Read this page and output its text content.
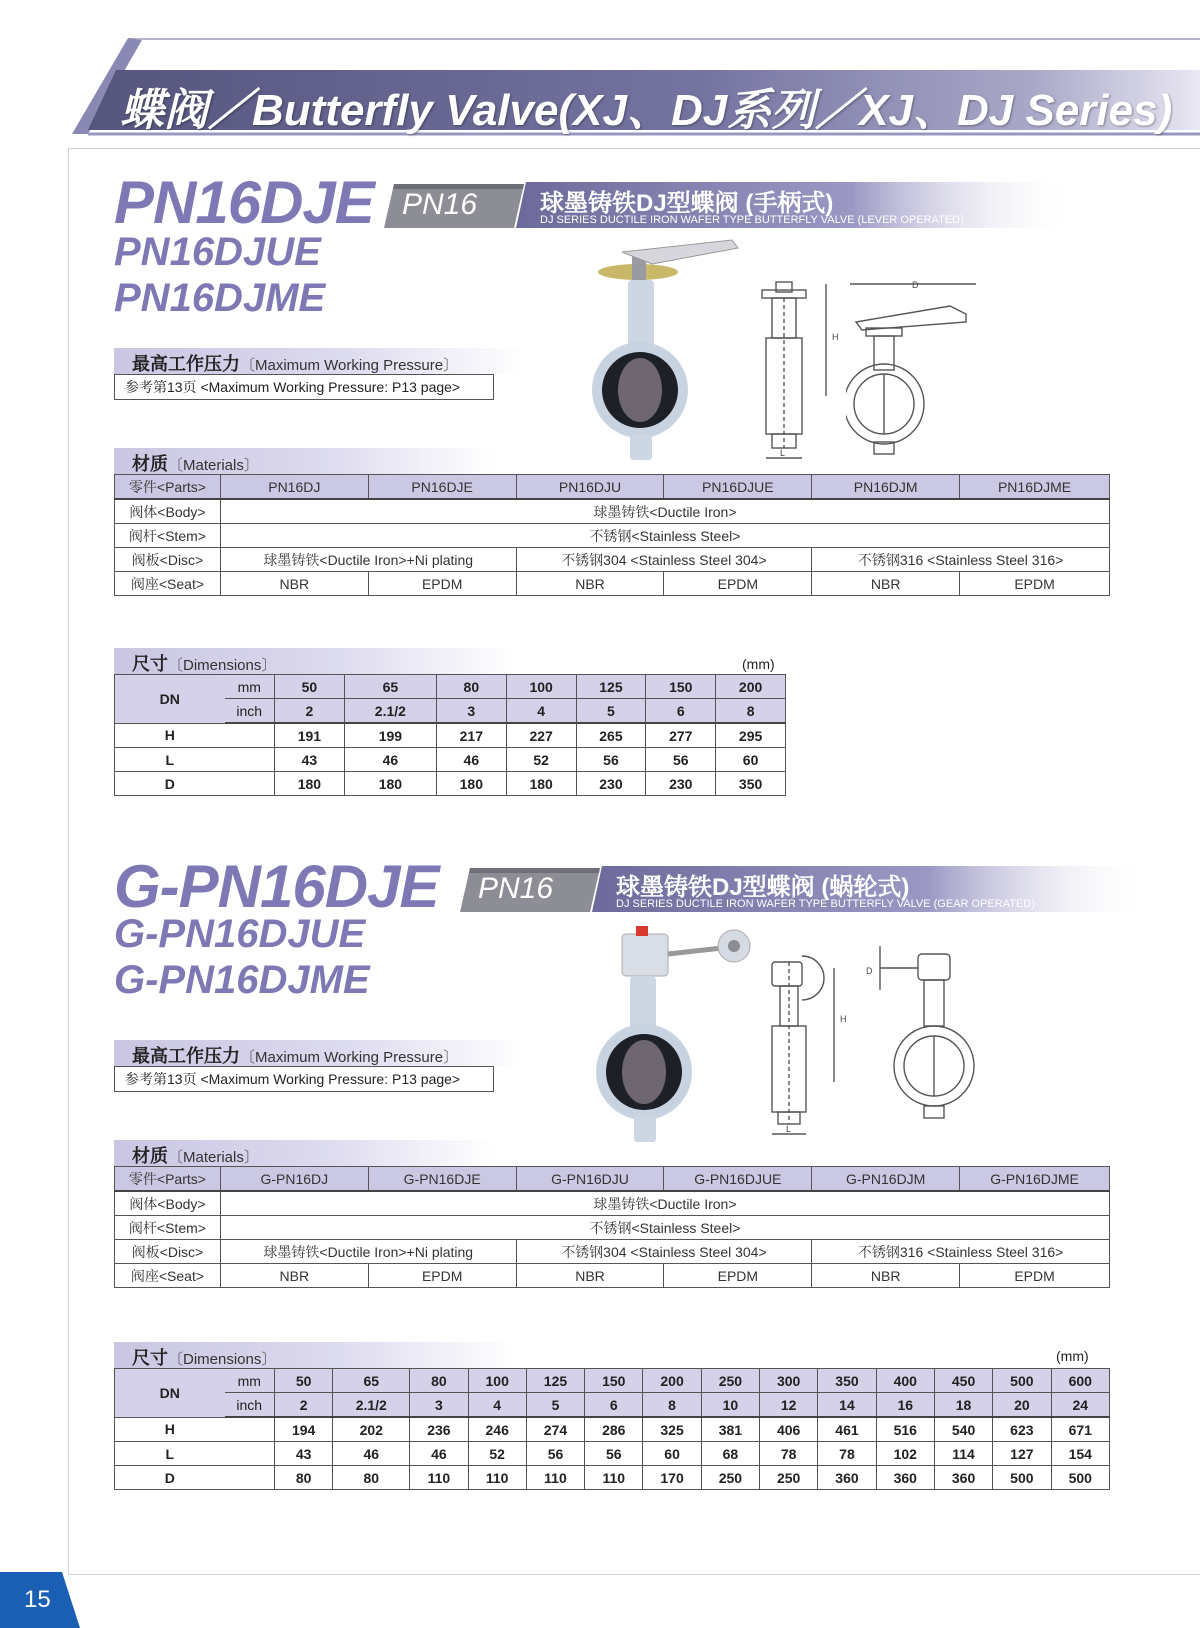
蝶阀／Butterfly Valve(XJ、DJ系列／XJ、DJ Series)
PN16DJE
PN16DJUE
PN16DJME
PN16	球墨铸铁DJ型蝶阀 (手柄式)
DJ SERIES DUCTILE IRON WAFER TYPE BUTTERFLY VALVE (LEVER OPERATED)
最高工作压力〔Maximum Working Pressure〕
参考第13页 <Maximum Working Pressure: P13 page>
H
L
D
材质〔Materials〕
零件<Parts>	PN16DJ	PN16DJE	PN16DJU	PN16DJUE	PN16DJM	PN16DJME
阀体<Body>	球墨铸铁<Ductile Iron>					
阀杆<Stem>	不锈钢<Stainless Steel>					
阀板<Disc>	球墨铸铁<Ductile Iron>+Ni plating		不锈钢304 <Stainless Steel 304>		不锈钢316 <Stainless Steel 316>	
阀座<Seat>	NBR	EPDM	NBR	EPDM	NBR	EPDM
尺寸〔Dimensions〕	(mm)
DN	mm	50	65	80	100	125	150	200
	inch	2	2.1/2	3	4	5	6	8
H		191	199	217	227	265	277	295
L		43	46	46	52	56	56	60
D		180	180	180	180	230	230	350
G-PN16DJE
G-PN16DJUE
G-PN16DJME
PN16	球墨铸铁DJ型蝶阀 (蜗轮式)
DJ SERIES DUCTILE IRON WAFER TYPE BUTTERFLY VALVE (GEAR OPERATED)
最高工作压力〔Maximum Working Pressure〕
参考第13页 <Maximum Working Pressure: P13 page>
H
L
D
材质〔Materials〕
零件<Parts>	G-PN16DJ	G-PN16DJE	G-PN16DJU	G-PN16DJUE	G-PN16DJM	G-PN16DJME
阀体<Body>	球墨铸铁<Ductile Iron>					
阀杆<Stem>	不锈钢<Stainless Steel>					
阀板<Disc>	球墨铸铁<Ductile Iron>+Ni plating		不锈钢304 <Stainless Steel 304>		不锈钢316 <Stainless Steel 316>	
阀座<Seat>	NBR	EPDM	NBR	EPDM	NBR	EPDM
尺寸〔Dimensions〕	(mm)
DN	mm	50	65	80	100	125	150	200	250	300	350	400	450	500	600
	inch	2	2.1/2	3	4	5	6	8	10	12	14	16	18	20	24
H		194	202	236	246	274	286	325	381	406	461	516	540	623	671
L		43	46	46	52	56	56	60	68	78	78	102	114	127	154
D		80	80	110	110	110	110	170	250	250	360	360	360	500	500
15
